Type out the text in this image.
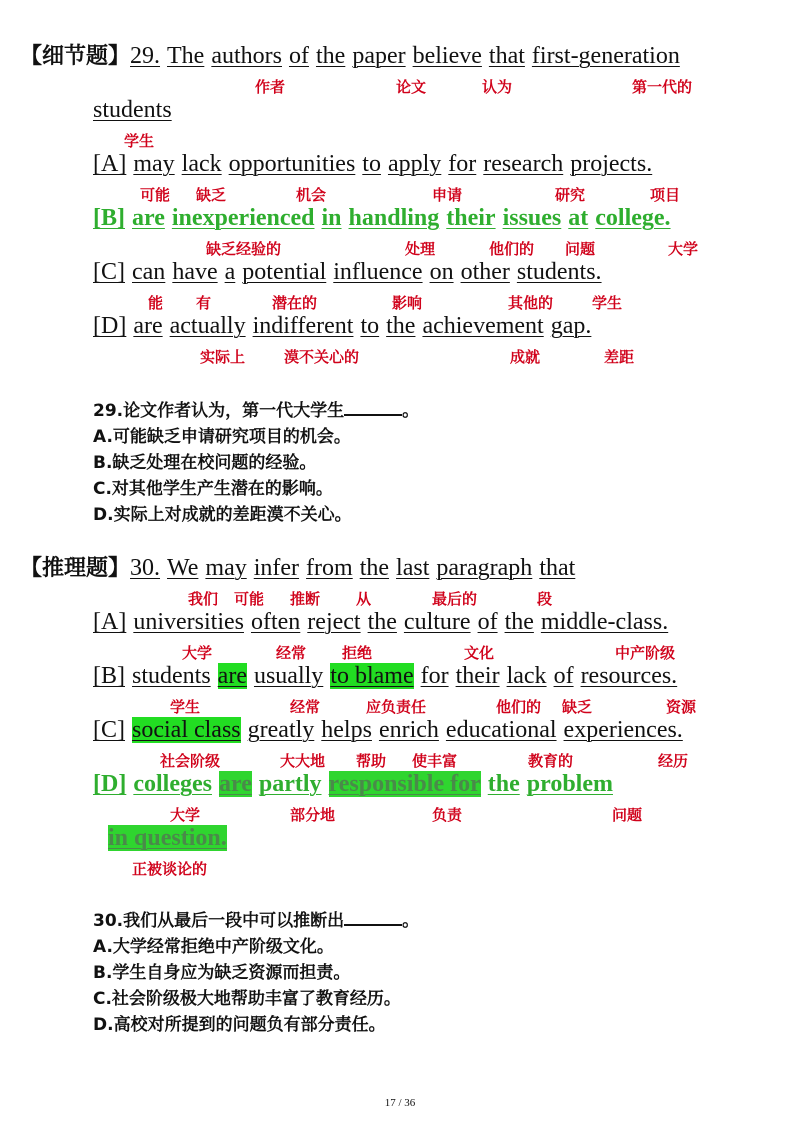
【细节题】29. The authors of the paper believe that first-generation
作者	论文	认为	第一代的
students
学生
[A] may lack opportunities to apply for research projects.
可能 缺乏	机会	申请	研究	项目
[B] are inexperienced in handling their issues at college.
缺乏经验的	处理	他们的 问题	大学
[C] can have a potential influence on other students.
能 有	潜在的	影响	其他的	学生
[D] are actually indifferent to the achievement gap.
实际上	漠不关心的	成就	差距
29.论文作者认为，第一代大学生	。
A.可能缺乏申请研究项目的机会。
B.缺乏处理在校问题的经验。
C.对其他学生产生潜在的影响。
D.实际上对成就的差距漠不关心。
【推理题】30. We may infer from the last paragraph that
我们 可能 推断 从	最后的	段
[A] universities often reject the culture of the middle-class.
大学	经常 拒绝	文化	中产阶级
[B] students are usually to blame for their lack of resources.
学生	经常	应负责任	他们的 缺乏	资源
[C] social class greatly helps enrich educational experiences.
社会阶级	大大地 帮助 使丰富	教育的	经历
[D] colleges are partly responsible for the problem
大学	部分地	负责	问题
in question.
正被谈论的
30.我们从最后一段中可以推断出	。
A.大学经常拒绝中产阶级文化。
B.学生自身应为缺乏资源而担责。
C.社会阶级极大地帮助丰富了教育经历。
D.高校对所提到的问题负有部分责任。
17 / 36
